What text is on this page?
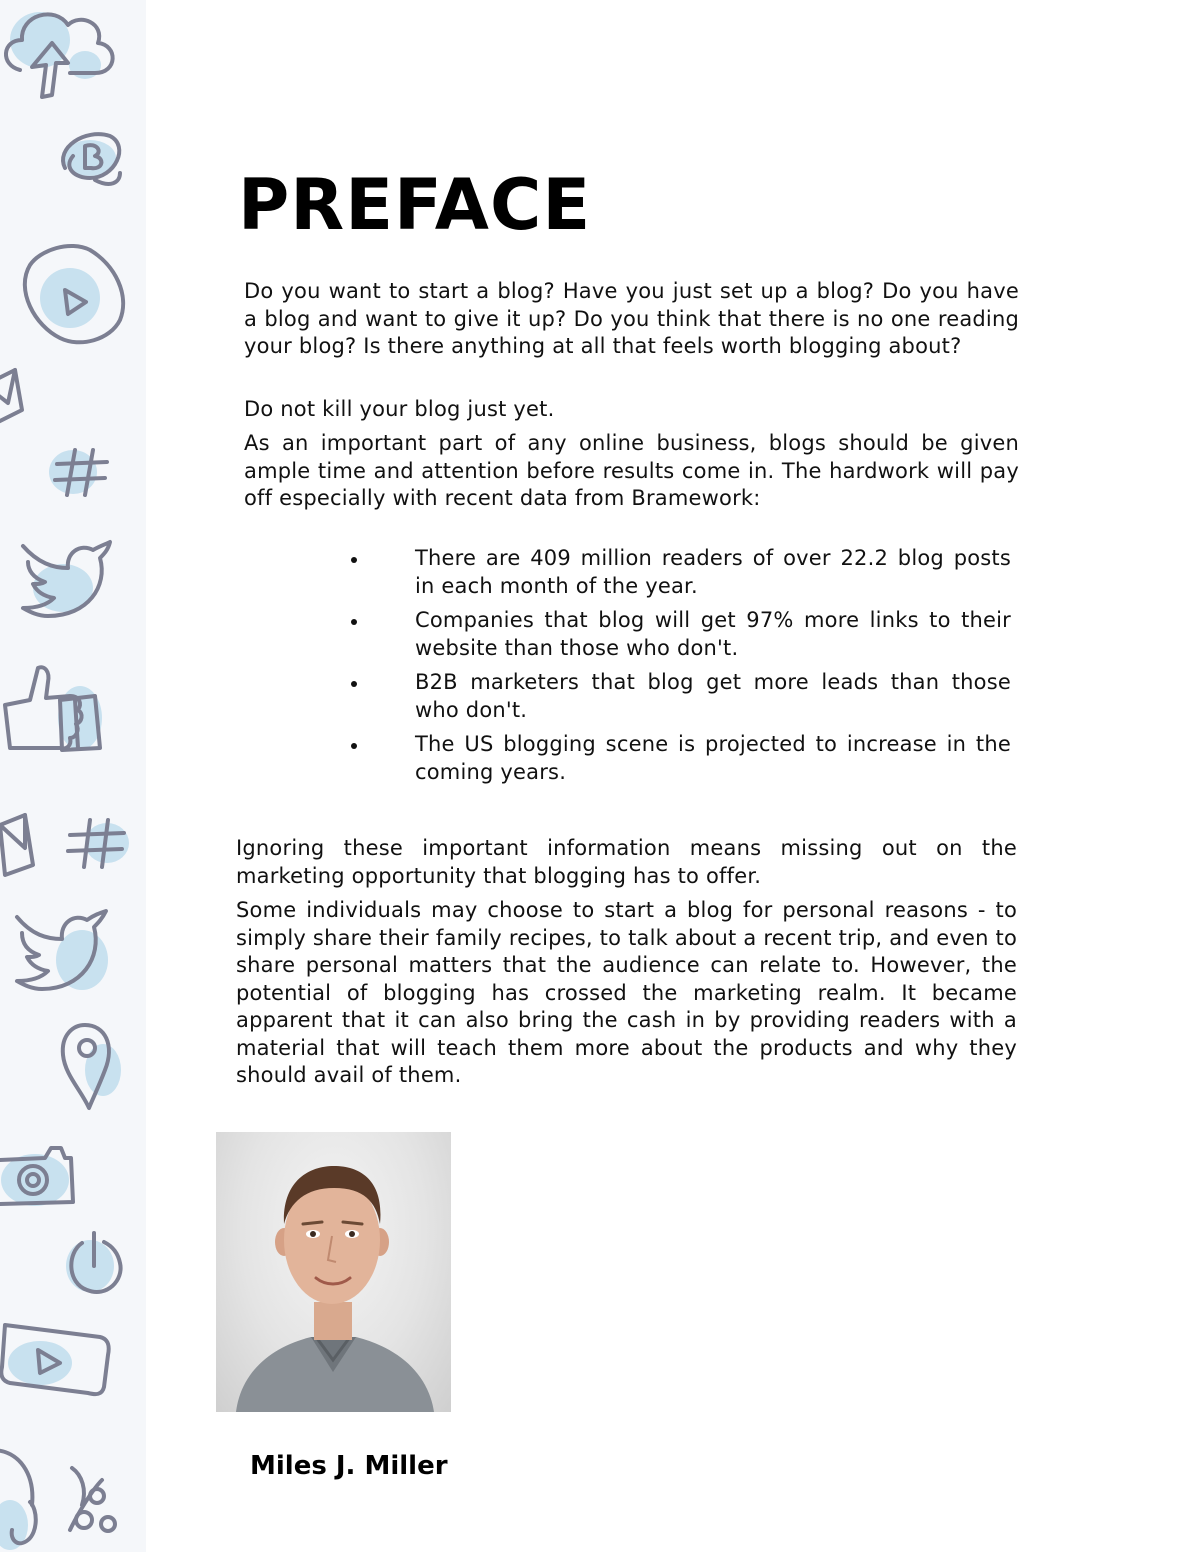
PREFACE

Do you want to start a blog? Have you just set up a blog? Do you have a blog and want to give it up? Do you think that there is no one reading your blog? Is there anything at all that feels worth blogging about?

Do not kill your blog just yet.

As an important part of any online business, blogs should be given ample time and attention before results come in. The hardwork will pay off especially with recent data from Bramework:

There are 409 million readers of over 22.2 blog posts in each month of the year.
Companies that blog will get 97% more links to their website than those who don't.
B2B marketers that blog get more leads than those who don't.
The US blogging scene is projected to increase in the coming years.

Ignoring these important information means missing out on the marketing opportunity that blogging has to offer.

Some individuals may choose to start a blog for personal reasons - to simply share their family recipes, to talk about a recent trip, and even to share personal matters that the audience can relate to. However, the potential of blogging has crossed the marketing realm. It became apparent that it can also bring the cash in by providing readers with a material that will teach them more about the products and why they should avail of them.

Miles J. Miller
